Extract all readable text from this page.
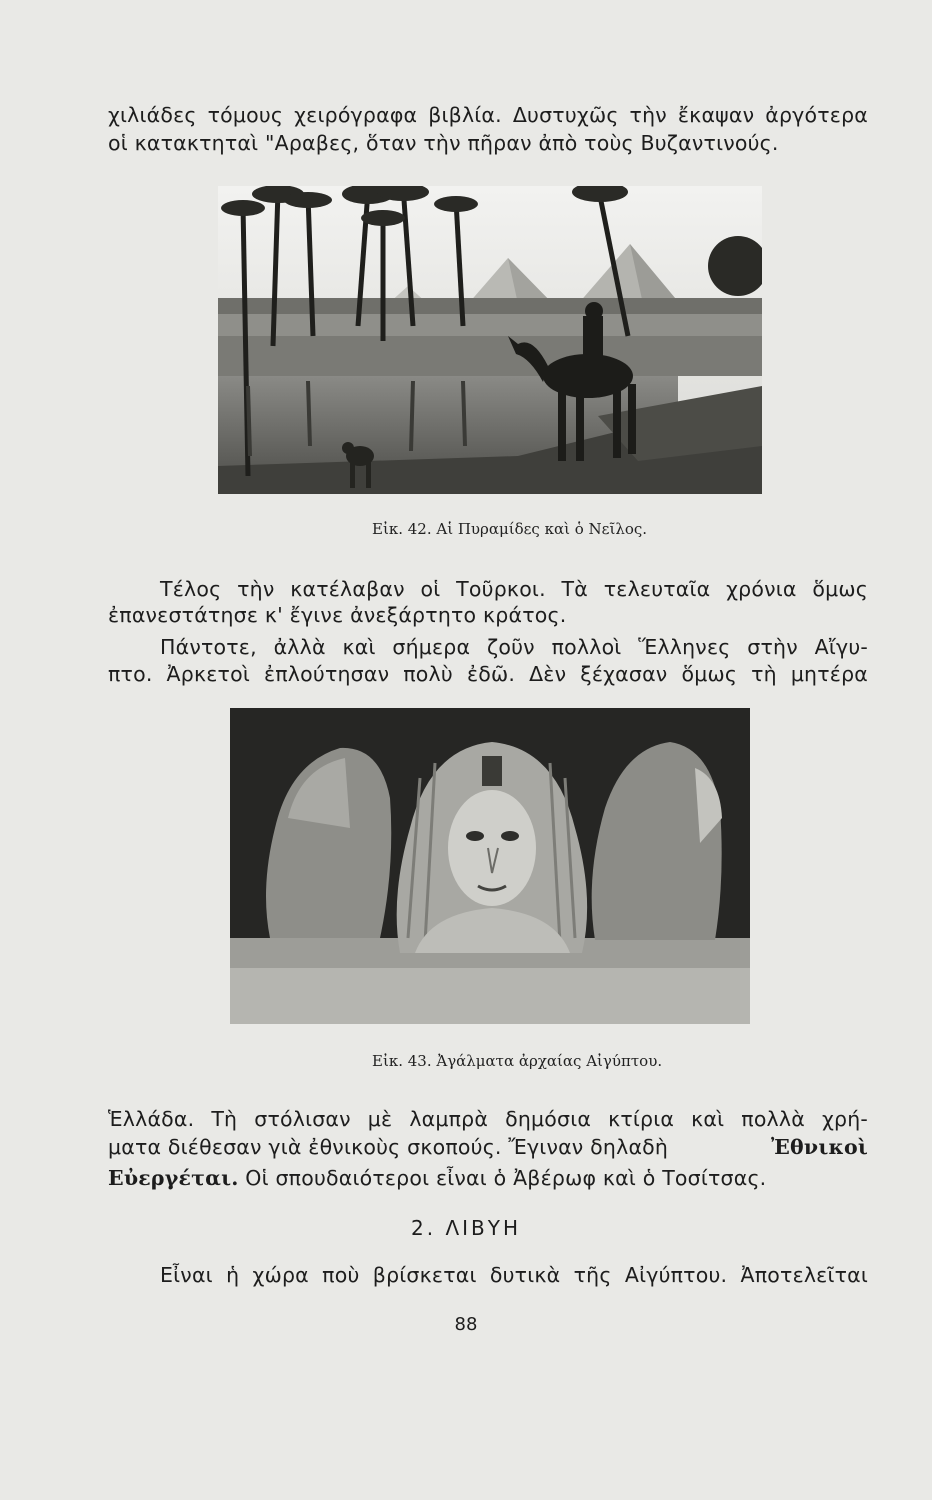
χιλιάδες τόμους χειρόγραφα βιβλία. Δυστυχῶς τὴν ἔκαψαν ἀργότερα
οἱ κατακτηταὶ "Αραβες, ὅταν τὴν πῆραν ἀπὸ τοὺς Βυζαντινούς.
Εἰκ. 42. Αἱ Πυραμίδες καὶ ὁ Νεῖλος.
Τέλος τὴν κατέλαβαν οἱ Τοῦρκοι. Τὰ τελευταῖα χρόνια ὅμως
ἐπανεστάτησε κ' ἔγινε ἀνεξάρτητο κράτος.
Πάντοτε, ἀλλὰ καὶ σήμερα ζοῦν πολλοὶ Ἕλληνες στὴν Αἴγυ-
πτο. Ἀρκετοὶ ἐπλούτησαν πολὺ ἐδῶ. Δὲν ξέχασαν ὅμως τὴ μητέρα
Εἰκ. 43. Ἀγάλματα ἀρχαίας Αἰγύπτου.
Ἑλλάδα. Τὴ στόλισαν μὲ λαμπρὰ δημόσια κτίρια καὶ πολλὰ χρή-
ματα διέθεσαν γιὰ ἐθνικοὺς σκοπούς. Ἔγιναν δηλαδὴ	Ἐθνικοὶ
Εὐεργέται. Οἱ σπουδαιότεροι εἶναι ὁ Ἀβέρωφ καὶ ὁ Τοσίτσας.
2. ΛΙΒΥΗ
Εἶναι ἡ χώρα ποὺ βρίσκεται δυτικὰ τῆς Αἰγύπτου. Ἀποτελεῖται
88
